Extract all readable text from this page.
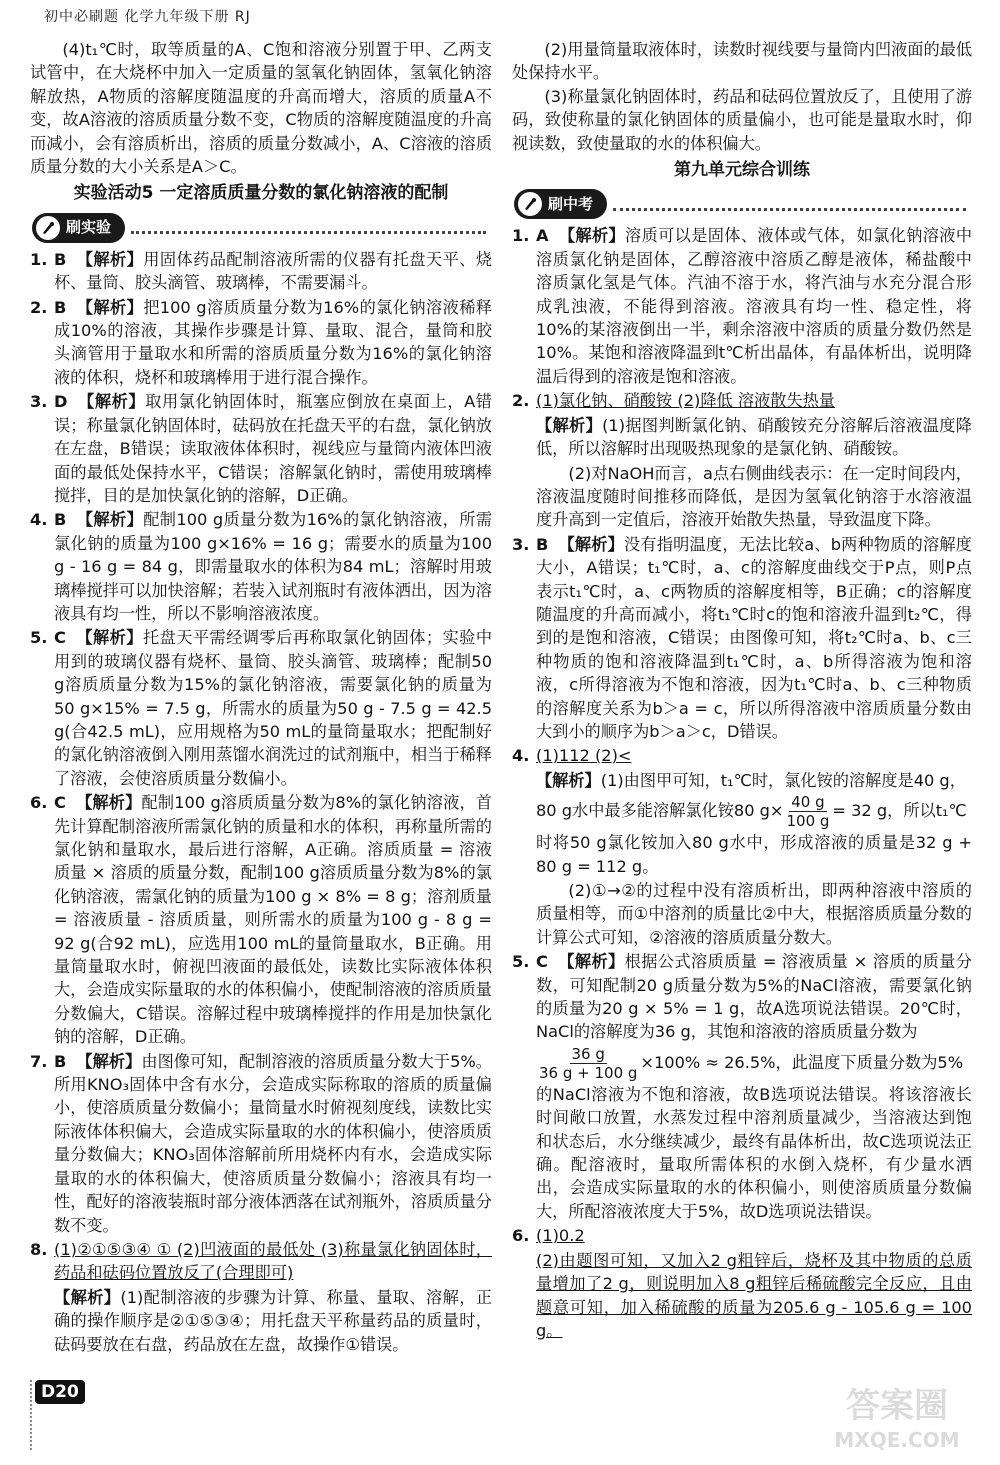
初中必刷题 化学九年级下册 RJ

(4)t₁℃时，取等质量的A、C饱和溶液分别置于甲、乙两支试管中，在大烧杯中加入一定质量的氢氧化钠固体，氢氧化钠溶解放热，A物质的溶解度随温度的升高而增大，溶质的质量A不变，故A溶液的溶质质量分数不变，C物质的溶解度随温度的升高而减小，会有溶质析出，溶质的质量分数减小，A、C溶液的溶质质量分数的大小关系是A＞C。

实验活动5 一定溶质质量分数的氯化钠溶液的配制
刷实验
1. B 【解析】用固体药品配制溶液所需的仪器有托盘天平、烧杯、量筒、胶头滴管、玻璃棒，不需要漏斗。
2. B 【解析】把100 g溶质质量分数为16%的氯化钠溶液稀释成10%的溶液，其操作步骤是计算、量取、混合，量筒和胶头滴管用于量取水和所需的溶质质量分数为16%的氯化钠溶液的体积，烧杯和玻璃棒用于进行混合操作。
3. D 【解析】取用氯化钠固体时，瓶塞应倒放在桌面上，A错误；称量氯化钠固体时，砝码放在托盘天平的右盘，氯化钠放在左盘，B错误；读取液体体积时，视线应与量筒内液体凹液面的最低处保持水平，C错误；溶解氯化钠时，需使用玻璃棒搅拌，目的是加快氯化钠的溶解，D正确。
4. B 【解析】配制100 g质量分数为16%的氯化钠溶液，所需氯化钠的质量为100 g×16% = 16 g；需要水的质量为100 g - 16 g = 84 g，即需量取水的体积为84 mL；溶解时用玻璃棒搅拌可以加快溶解；若装入试剂瓶时有液体洒出，因为溶液具有均一性，所以不影响溶液浓度。
5. C 【解析】托盘天平需经调零后再称取氯化钠固体；实验中用到的玻璃仪器有烧杯、量筒、胶头滴管、玻璃棒；配制50 g溶质质量分数为15%的氯化钠溶液，需要氯化钠的质量为50 g×15% = 7.5 g，所需水的质量为50 g - 7.5 g = 42.5 g(合42.5 mL)，应用规格为50 mL的量筒量取水；把配制好的氯化钠溶液倒入刚用蒸馏水润洗过的试剂瓶中，相当于稀释了溶液，会使溶质质量分数偏小。
6. C 【解析】配制100 g溶质质量分数为8%的氯化钠溶液，首先计算配制溶液所需氯化钠的质量和水的体积，再称量所需的氯化钠和量取水，最后进行溶解，A正确。溶质质量 = 溶液质量 × 溶质的质量分数，配制100 g溶质质量分数为8%的氯化钠溶液，需氯化钠的质量为100 g × 8% = 8 g；溶剂质量 = 溶液质量 - 溶质质量，则所需水的质量为100 g - 8 g = 92 g(合92 mL)，应选用100 mL的量筒量取水，B正确。用量筒量取水时，俯视凹液面的最低处，读数比实际液体体积大，会造成实际量取的水的体积偏小，使配制溶液的溶质质量分数偏大，C错误。溶解过程中玻璃棒搅拌的作用是加快氯化钠的溶解，D正确。
7. B 【解析】由图像可知，配制溶液的溶质质量分数大于5%。所用KNO₃固体中含有水分，会造成实际称取的溶质的质量偏小，使溶质质量分数偏小；量筒量水时俯视刻度线，读数比实际液体体积偏大，会造成实际量取的水的体积偏小，使溶质质量分数偏大；KNO₃固体溶解前所用烧杯内有水，会造成实际量取的水的体积偏大，使溶质质量分数偏小；溶液具有均一性，配好的溶液装瓶时部分液体洒落在试剂瓶外，溶质质量分数不变。
8. (1)②①⑤③④ ① (2)凹液面的最低处 (3)称量氯化钠固体时，药品和砝码位置放反了(合理即可)
【解析】(1)配制溶液的步骤为计算、称量、量取、溶解，正确的操作顺序是②①⑤③④；用托盘天平称量药品的质量时，砝码要放在右盘，药品放在左盘，故操作①错误。

(2)用量筒量取液体时，读数时视线要与量筒内凹液面的最低处保持水平。

(3)称量氯化钠固体时，药品和砝码位置放反了，且使用了游码，致使称量的氯化钠固体的质量偏小，也可能是量取水时，仰视读数，致使量取的水的体积偏大。

第九单元综合训练
刷中考
1. A 【解析】溶质可以是固体、液体或气体，如氯化钠溶液中溶质氯化钠是固体，乙醇溶液中溶质乙醇是液体，稀盐酸中溶质氯化氢是气体。汽油不溶于水，将汽油与水充分混合形成乳浊液，不能得到溶液。溶液具有均一性、稳定性，将10%的某溶液倒出一半，剩余溶液中溶质的质量分数仍然是10%。某饱和溶液降温到t℃析出晶体，有晶体析出，说明降温后得到的溶液是饱和溶液。
2. (1)氯化钠、硝酸铵 (2)降低 溶液散失热量
【解析】(1)据图判断氯化钠、硝酸铵充分溶解后溶液温度降低，所以溶解时出现吸热现象的是氯化钠、硝酸铵。
(2)对NaOH而言，a点右侧曲线表示：在一定时间段内，溶液温度随时间推移而降低，是因为氢氧化钠溶于水溶液温度升高到一定值后，溶液开始散失热量，导致温度下降。
3. B 【解析】没有指明温度，无法比较a、b两种物质的溶解度大小，A错误；t₁℃时，a、c的溶解度曲线交于P点，则P点表示t₁℃时，a、c两物质的溶解度相等，B正确；c的溶解度随温度的升高而减小，将t₁℃时c的饱和溶液升温到t₂℃，得到的是饱和溶液，C错误；由图像可知，将t₂℃时a、b、c三种物质的饱和溶液降温到t₁℃时，a、b所得溶液为饱和溶液，c所得溶液为不饱和溶液，因为t₁℃时a、b、c三种物质的溶解度关系为b＞a = c，所以所得溶液中溶质质量分数由大到小的顺序为b＞a＞c，D错误。
4. (1)112 (2)<
【解析】(1)由图甲可知，t₁℃时，氯化铵的溶解度是40 g，
80 g水中最多能溶解氯化铵80 $g\times \frac{40 g}{100 g} = 32$ g，所以t₁℃
时将50 g氯化铵加入80 g水中，形成溶液的质量是32 g + 80 g = 112 g。
(2)①→②的过程中没有溶质析出，即两种溶液中溶质的质量相等，而①中溶剂的质量比②中大，根据溶质质量分数的计算公式可知，②溶液的溶质质量分数大。
5. C 【解析】根据公式溶质质量 = 溶液质量 × 溶质的质量分数，可知配制20 g质量分数为5%的NaCl溶液，需要氯化钠的质量为20 g × 5% = 1 g，故A选项说法错误。20℃时，NaCl的溶解度为36 g，其饱和溶液的溶质质量分数为
$\frac{36 g}{36 g + 100 g} \times 100\% \approx 26.5\%$，此温度下质量分数为5%
的NaCl溶液为不饱和溶液，故B选项说法错误。将该溶液长时间敞口放置，水蒸发过程中溶剂质量减少，当溶液达到饱和状态后，水分继续减少，最终有晶体析出，故C选项说法正确。配溶液时，量取所需体积的水倒入烧杯，有少量水洒出，会造成实际量取的水的体积偏小，则使溶质质量分数偏大，所配溶液浓度大于5%，故D选项说法错误。
6. (1)0.2
(2)由题图可知，又加入2 g粗锌后，烧杯及其中物质的总质量增加了2 g，则说明加入8 g粗锌后稀硫酸完全反应，且由题意可知，加入稀硫酸的质量为205.6 g - 105.6 g = 100 g。
D20	答案圈
MXQE.COM
